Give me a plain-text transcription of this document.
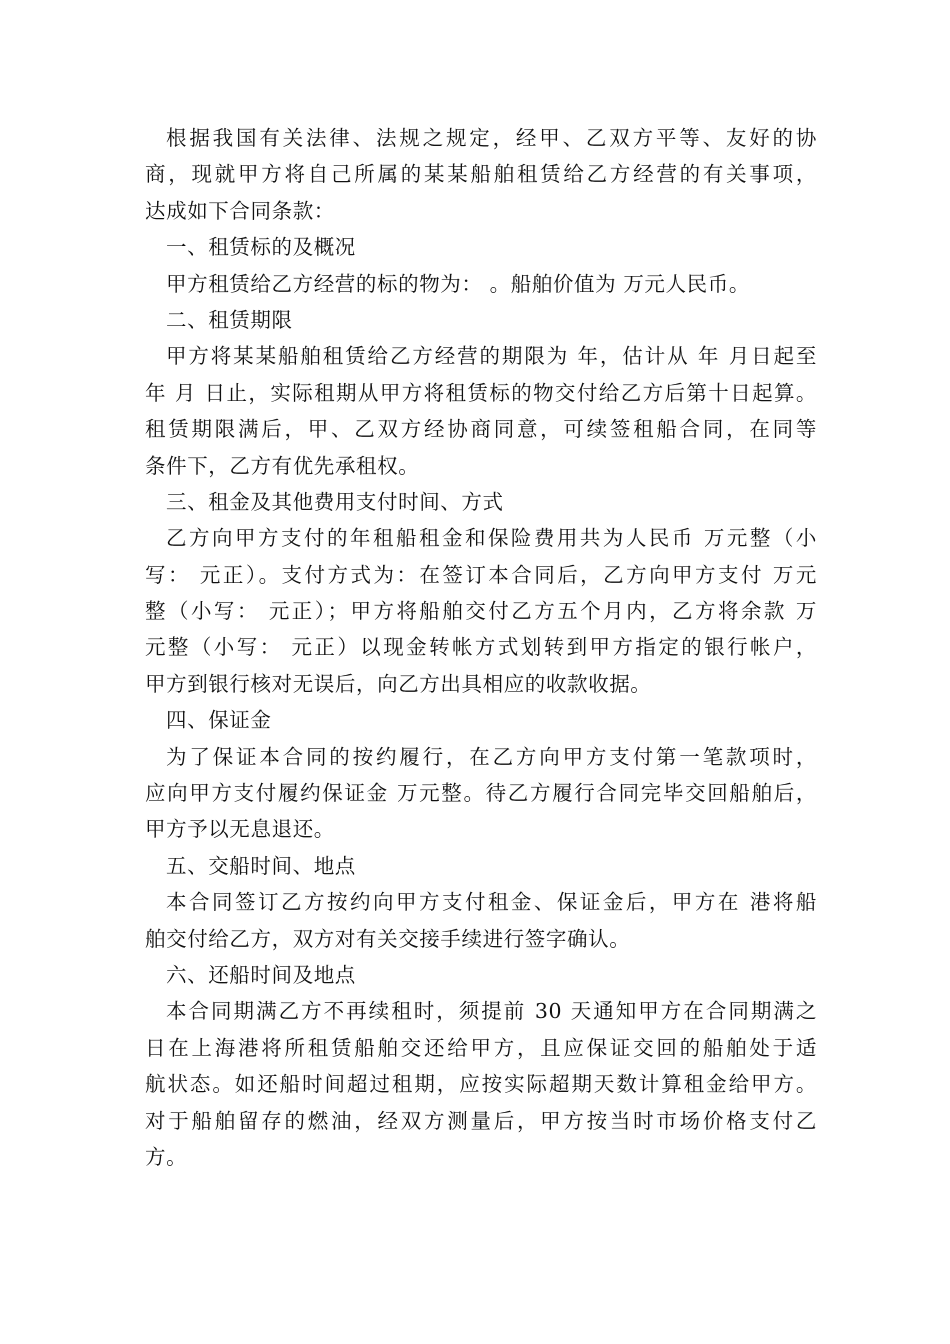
根据我国有关法律、法规之规定，经甲、乙双方平等、友好的协
商，现就甲方将自己所属的某某船舶租赁给乙方经营的有关事项，
达成如下合同条款：
一、租赁标的及概况
甲方租赁给乙方经营的标的物为： 。船舶价值为 万元人民币。
二、租赁期限
甲方将某某船舶租赁给乙方经营的期限为 年，估计从 年 月日起至
年 月 日止，实际租期从甲方将租赁标的物交付给乙方后第十日起算。
租赁期限满后，甲、乙双方经协商同意，可续签租船合同，在同等
条件下，乙方有优先承租权。
三、租金及其他费用支付时间、方式
乙方向甲方支付的年租船租金和保险费用共为人民币 万元整（小
写： 元正）。支付方式为：在签订本合同后，乙方向甲方支付 万元
整（小写： 元正）；甲方将船舶交付乙方五个月内，乙方将余款 万
元整（小写： 元正）以现金转帐方式划转到甲方指定的银行帐户，
甲方到银行核对无误后，向乙方出具相应的收款收据。
四、保证金
为了保证本合同的按约履行，在乙方向甲方支付第一笔款项时，
应向甲方支付履约保证金 万元整。待乙方履行合同完毕交回船舶后，
甲方予以无息退还。
五、交船时间、地点
本合同签订乙方按约向甲方支付租金、保证金后，甲方在 港将船
舶交付给乙方，双方对有关交接手续进行签字确认。
六、还船时间及地点
本合同期满乙方不再续租时，须提前 30 天通知甲方在合同期满之
日在上海港将所租赁船舶交还给甲方，且应保证交回的船舶处于适
航状态。如还船时间超过租期，应按实际超期天数计算租金给甲方。
对于船舶留存的燃油，经双方测量后，甲方按当时市场价格支付乙
方。
